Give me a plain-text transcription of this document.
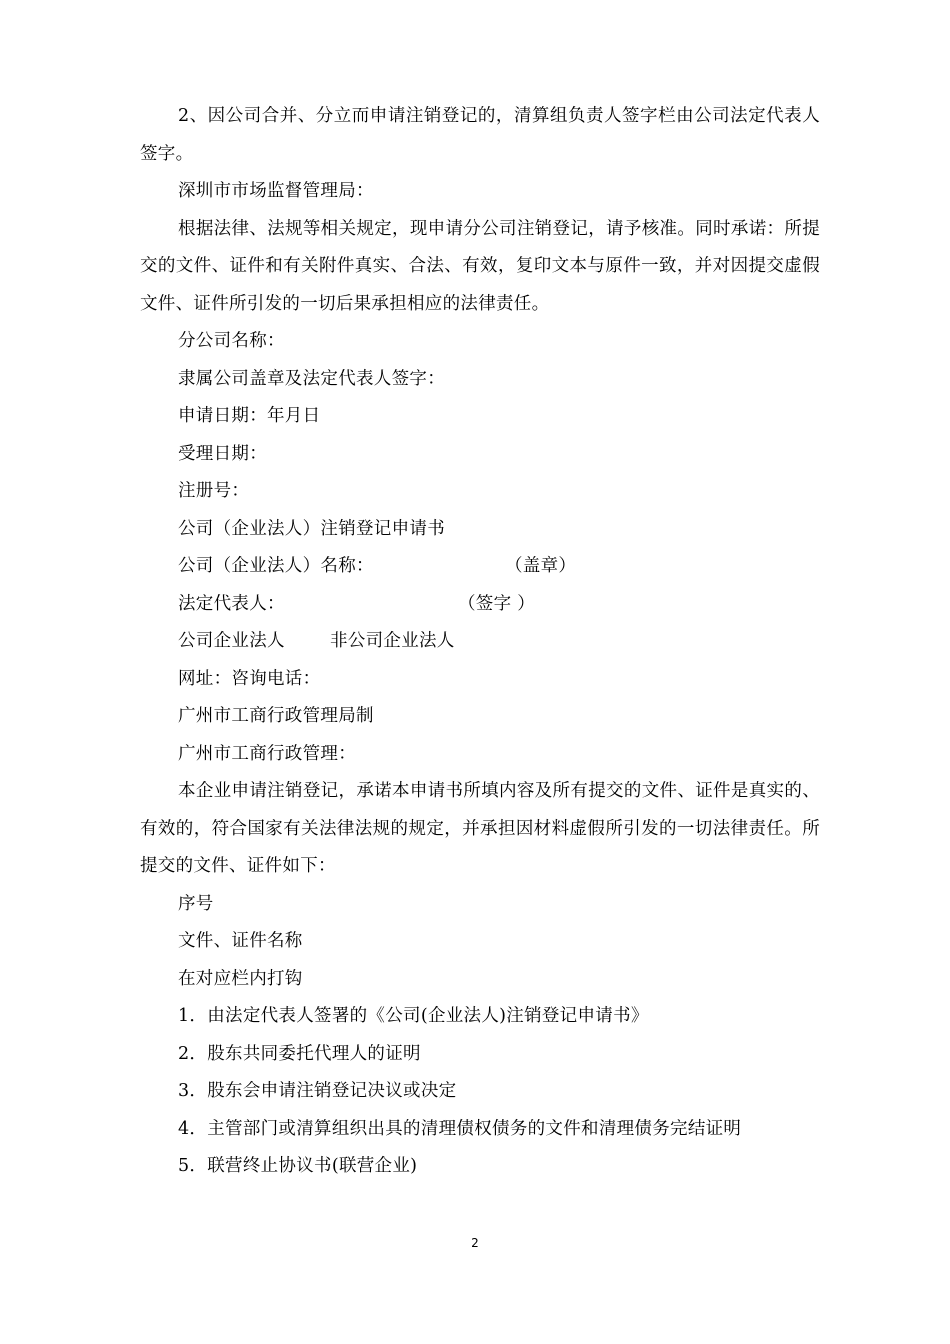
2、因公司合并、分立而申请注销登记的，清算组负责人签字栏由公司法定代表人签字。

深圳市市场监督管理局：

根据法律、法规等相关规定，现申请分公司注销登记，请予核准。同时承诺：所提交的文件、证件和有关附件真实、合法、有效，复印文本与原件一致，并对因提交虚假文件、证件所引发的一切后果承担相应的法律责任。

分公司名称：

隶属公司盖章及法定代表人签字：

申请日期：年月日

受理日期：

注册号：

公司（企业法人）注销登记申请书

公司（企业法人）名称：	（盖章）
法定代表人：	（签字 ）
公司企业法人	非公司企业法人

网址：咨询电话：

广州市工商行政管理局制

广州市工商行政管理：

本企业申请注销登记，承诺本申请书所填内容及所有提交的文件、证件是真实的、有效的，符合国家有关法律法规的规定，并承担因材料虚假所引发的一切法律责任。所提交的文件、证件如下：

序号

文件、证件名称

在对应栏内打钩

1．由法定代表人签署的《公司(企业法人)注销登记申请书》

2．股东共同委托代理人的证明

3．股东会申请注销登记决议或决定

4．主管部门或清算组织出具的清理债权债务的文件和清理债务完结证明

5．联营终止协议书(联营企业)

2
